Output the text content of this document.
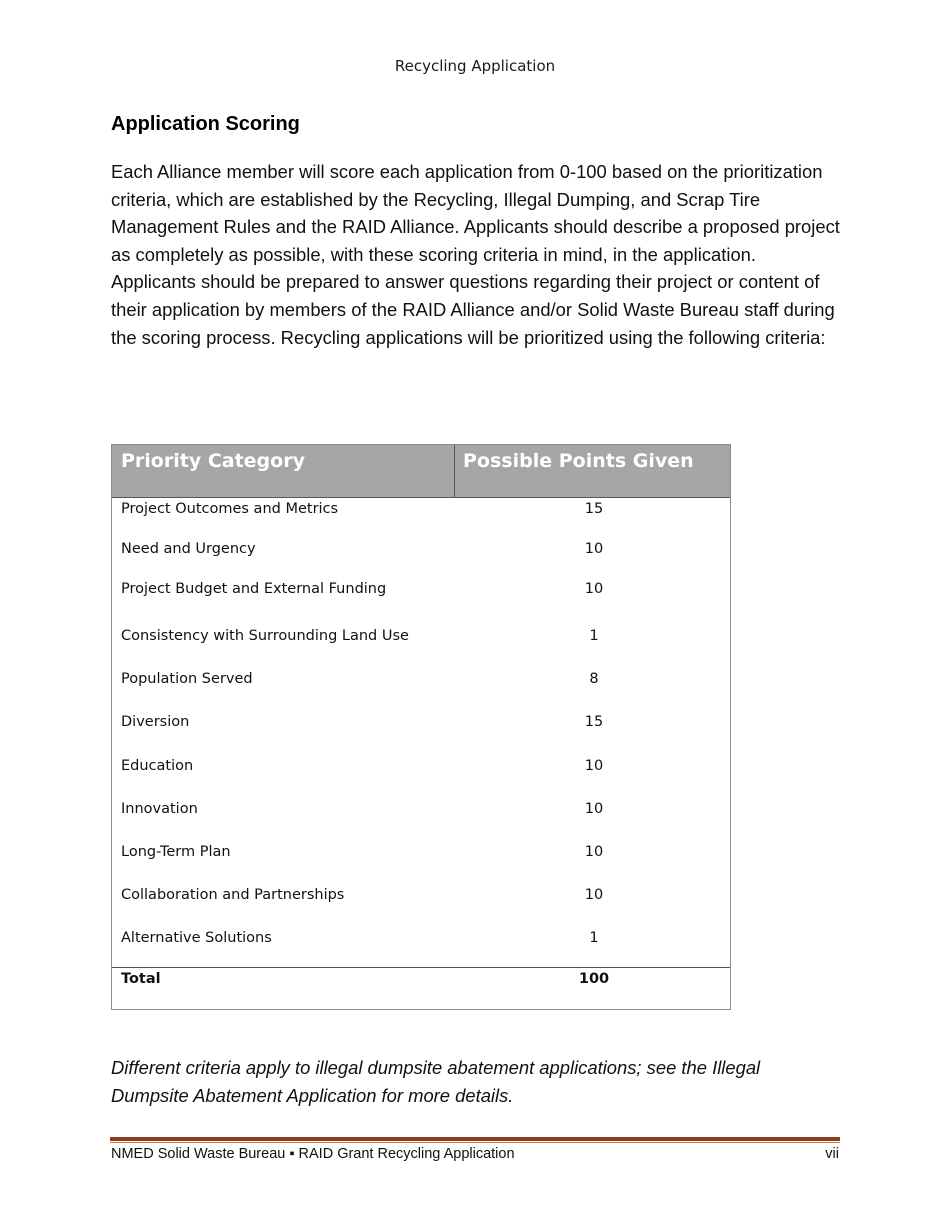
Recycling Application
Application Scoring

Each Alliance member will score each application from 0-100 based on the prioritization criteria, which are established by the Recycling, Illegal Dumping, and Scrap Tire Management Rules and the RAID Alliance. Applicants should describe a proposed project as completely as possible, with these scoring criteria in mind, in the application. Applicants should be prepared to answer questions regarding their project or content of their application by members of the RAID Alliance and/or Solid Waste Bureau staff during the scoring process. Recycling applications will be prioritized using the following criteria:

Priority Category	Possible Points Given
Project Outcomes and Metrics	15
Need and Urgency	10
Project Budget and External Funding	10
Consistency with Surrounding Land Use	1
Population Served	8
Diversion	15
Education	10
Innovation	10
Long-Term Plan	10
Collaboration and Partnerships	10
Alternative Solutions	1
Total	100

Different criteria apply to illegal dumpsite abatement applications; see the Illegal Dumpsite Abatement Application for more details.

NMED Solid Waste Bureau ▪ RAID Grant Recycling Application	vii
